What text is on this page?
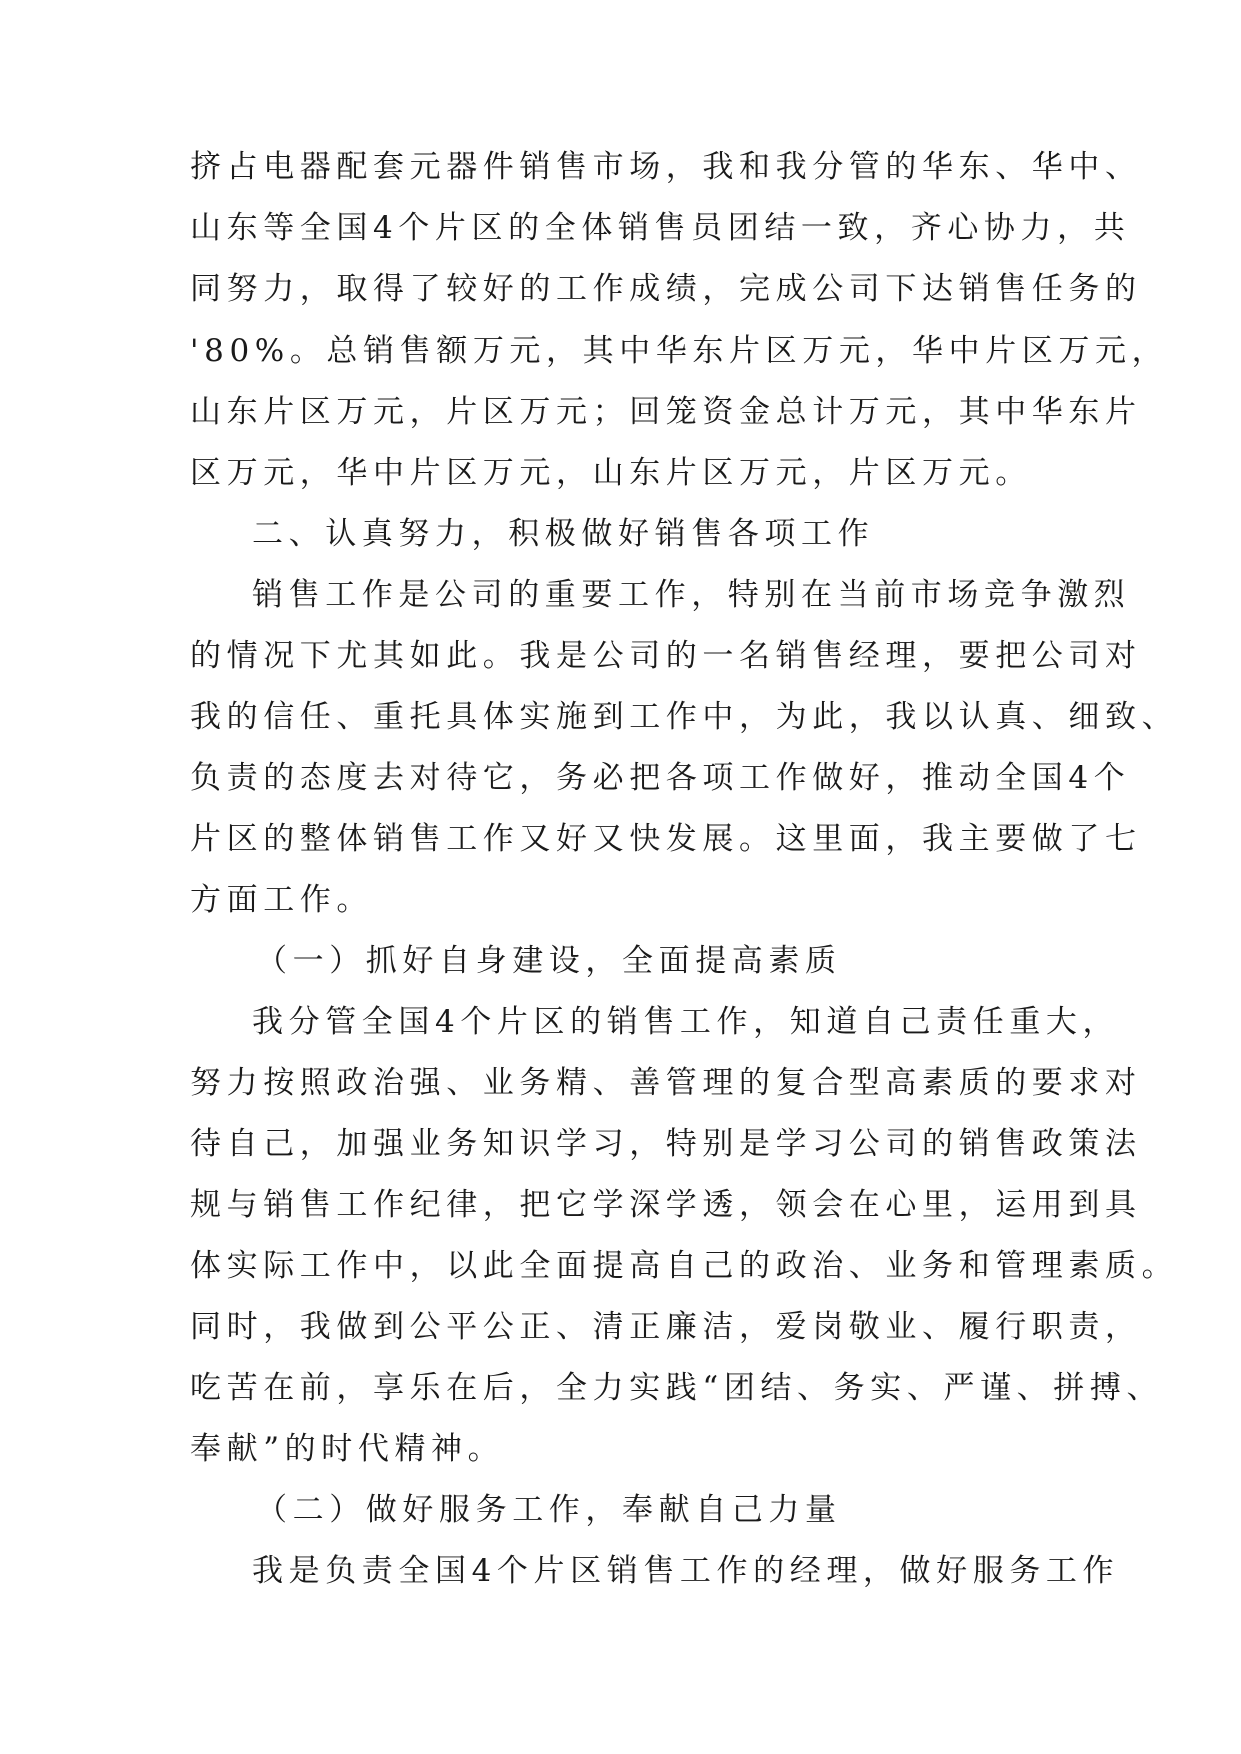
挤占电器配套元器件销售市场，我和我分管的华东、华中、
山东等全国4个片区的全体销售员团结一致，齐心协力，共
同努力，取得了较好的工作成绩，完成公司下达销售任务的
'80%。总销售额万元，其中华东片区万元，华中片区万元，
山东片区万元，片区万元；回笼资金总计万元，其中华东片
区万元，华中片区万元，山东片区万元，片区万元。
二、认真努力，积极做好销售各项工作
销售工作是公司的重要工作，特别在当前市场竞争激烈
的情况下尤其如此。我是公司的一名销售经理，要把公司对
我的信任、重托具体实施到工作中，为此，我以认真、细致、
负责的态度去对待它，务必把各项工作做好，推动全国4个
片区的整体销售工作又好又快发展。这里面，我主要做了七
方面工作。
（一）抓好自身建设，全面提高素质
我分管全国4个片区的销售工作，知道自己责任重大，
努力按照政治强、业务精、善管理的复合型高素质的要求对
待自己，加强业务知识学习，特别是学习公司的销售政策法
规与销售工作纪律，把它学深学透，领会在心里，运用到具
体实际工作中，以此全面提高自己的政治、业务和管理素质。
同时，我做到公平公正、清正廉洁，爱岗敬业、履行职责，
吃苦在前，享乐在后，全力实践“团结、务实、严谨、拼搏、
奉献”的时代精神。
（二）做好服务工作，奉献自己力量
我是负责全国4个片区销售工作的经理，做好服务工作
